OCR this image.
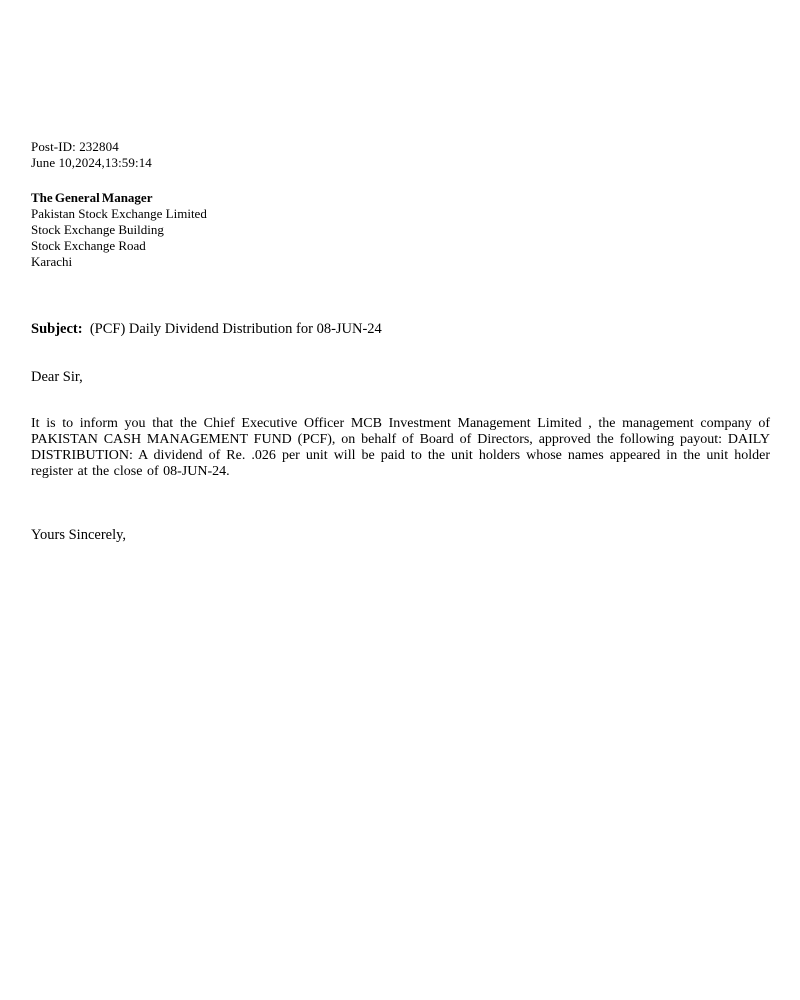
Post-ID: 232804
June 10,2024,13:59:14
The General Manager
Pakistan Stock Exchange Limited
Stock Exchange Building
Stock Exchange Road
Karachi
Subject: (PCF) Daily Dividend Distribution for 08-JUN-24
Dear Sir,
It is to inform you that the Chief Executive Officer MCB Investment Management Limited , the management company of PAKISTAN CASH MANAGEMENT FUND (PCF), on behalf of Board of Directors, approved the following payout: DAILY DISTRIBUTION: A dividend of Re. .026 per unit will be paid to the unit holders whose names appeared in the unit holder register at the close of 08-JUN-24.
Yours Sincerely,
